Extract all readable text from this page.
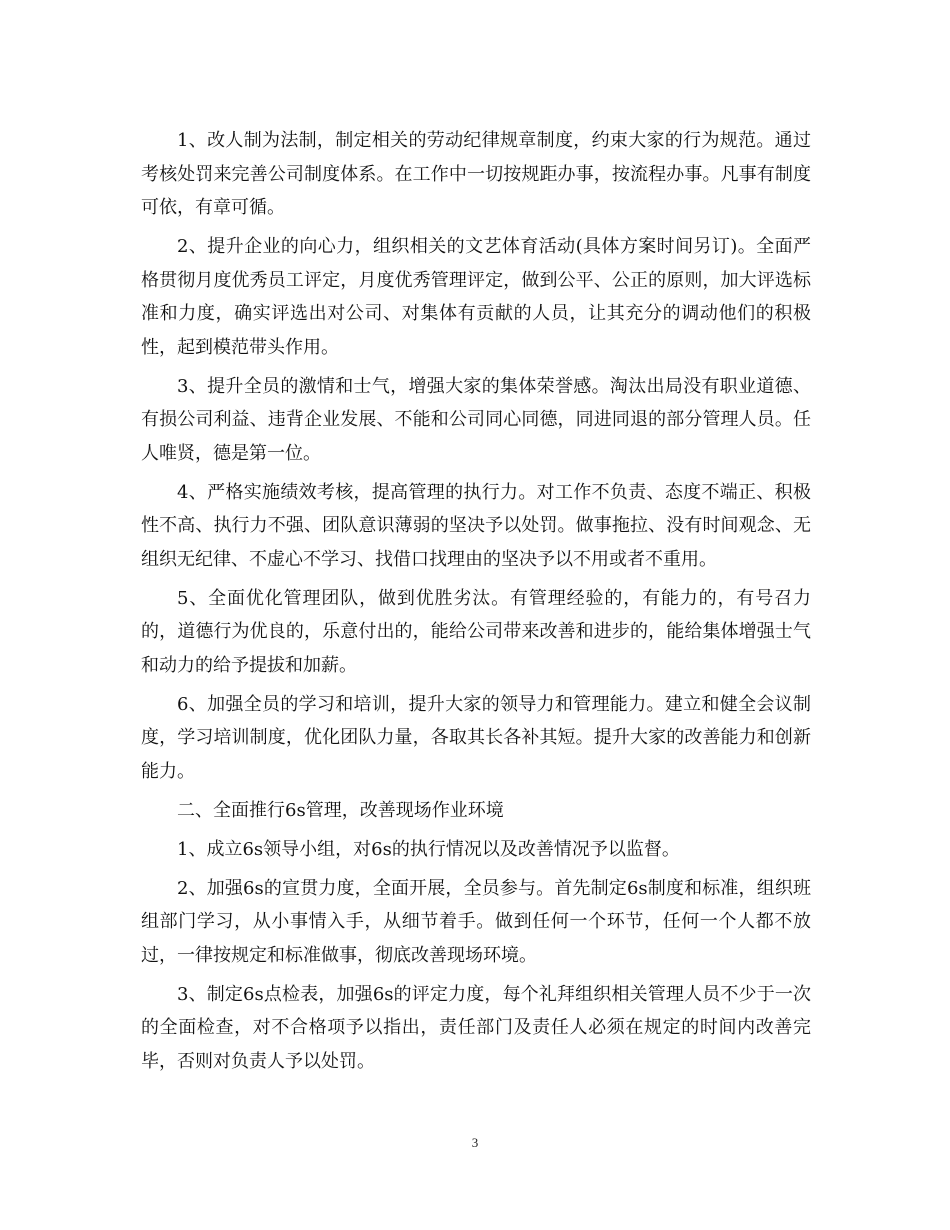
1、改人制为法制，制定相关的劳动纪律规章制度，约束大家的行为规范。通过考核处罚来完善公司制度体系。在工作中一切按规距办事，按流程办事。凡事有制度可依，有章可循。

2、提升企业的向心力，组织相关的文艺体育活动(具体方案时间另订)。全面严格贯彻月度优秀员工评定，月度优秀管理评定，做到公平、公正的原则，加大评选标准和力度，确实评选出对公司、对集体有贡献的人员，让其充分的调动他们的积极性，起到模范带头作用。

3、提升全员的激情和士气，增强大家的集体荣誉感。淘汰出局没有职业道德、有损公司利益、违背企业发展、不能和公司同心同德，同进同退的部分管理人员。任人唯贤，德是第一位。

4、严格实施绩效考核，提高管理的执行力。对工作不负责、态度不端正、积极性不高、执行力不强、团队意识薄弱的坚决予以处罚。做事拖拉、没有时间观念、无组织无纪律、不虚心不学习、找借口找理由的坚决予以不用或者不重用。

5、全面优化管理团队，做到优胜劣汰。有管理经验的，有能力的，有号召力的，道德行为优良的，乐意付出的，能给公司带来改善和进步的，能给集体增强士气和动力的给予提拔和加薪。

6、加强全员的学习和培训，提升大家的领导力和管理能力。建立和健全会议制度，学习培训制度，优化团队力量，各取其长各补其短。提升大家的改善能力和创新能力。

二、全面推行6s管理，改善现场作业环境

1、成立6s领导小组，对6s的执行情况以及改善情况予以监督。

2、加强6s的宣贯力度，全面开展，全员参与。首先制定6s制度和标准，组织班组部门学习，从小事情入手，从细节着手。做到任何一个环节，任何一个人都不放过，一律按规定和标准做事，彻底改善现场环境。

3、制定6s点检表，加强6s的评定力度，每个礼拜组织相关管理人员不少于一次的全面检查，对不合格项予以指出，责任部门及责任人必须在规定的时间内改善完毕，否则对负责人予以处罚。

3
